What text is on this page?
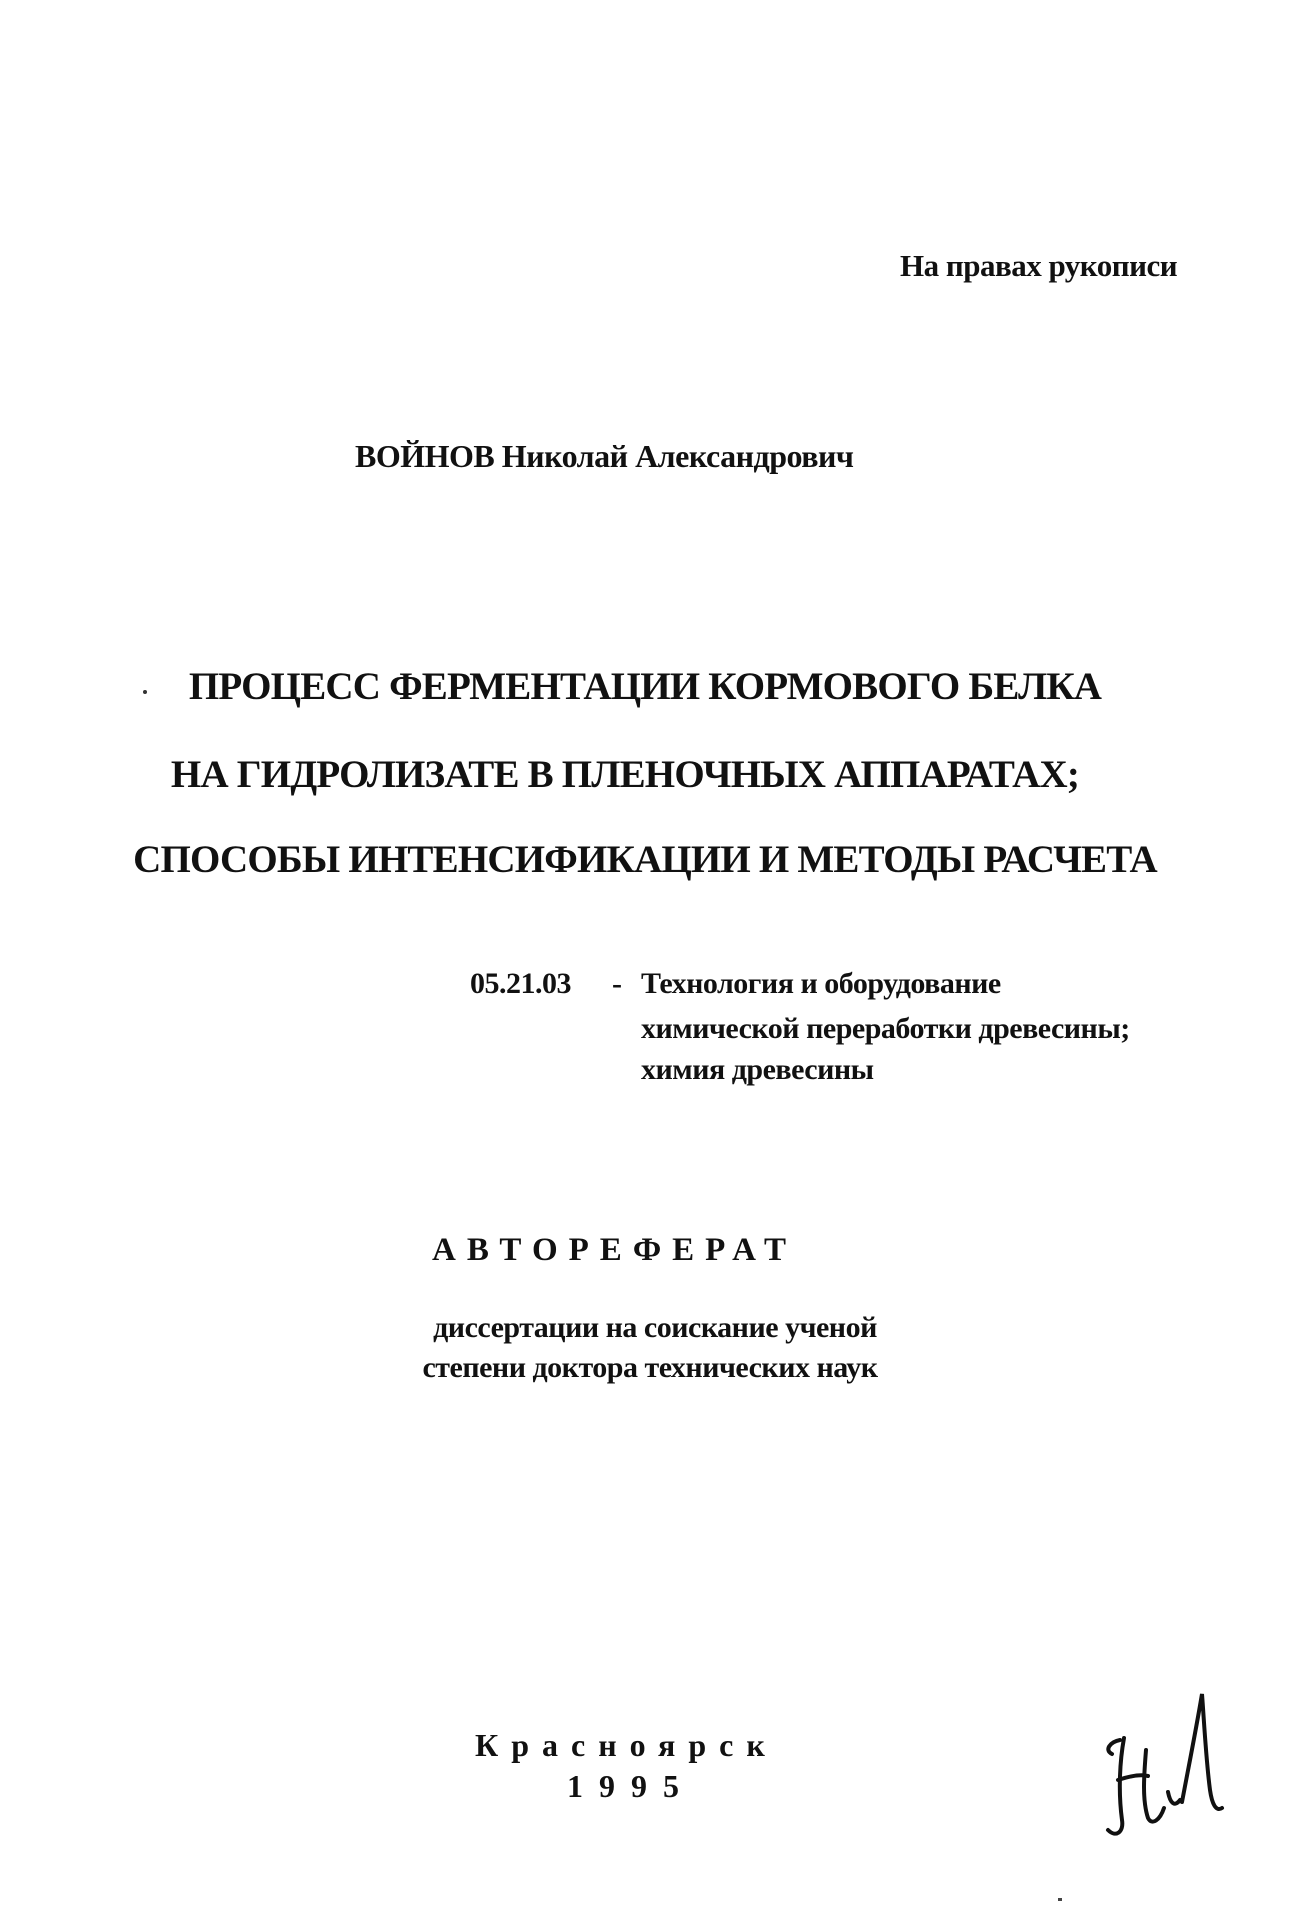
На правах рукописи
ВОЙНОВ Николай Александрович
ПРОЦЕСС ФЕРМЕНТАЦИИ КОРМОВОГО БЕЛКА
НА ГИДРОЛИЗАТЕ В ПЛЕНОЧНЫХ АППАРАТАХ;
СПОСОБЫ ИНТЕНСИФИКАЦИИ И МЕТОДЫ РАСЧЕТА
05.21.03 - Технология и оборудование
химической переработки древесины;
химия древесины
АВТОРЕФЕРАТ
диссертации на соискание ученой
степени доктора технических наук
Красноярск
1995
